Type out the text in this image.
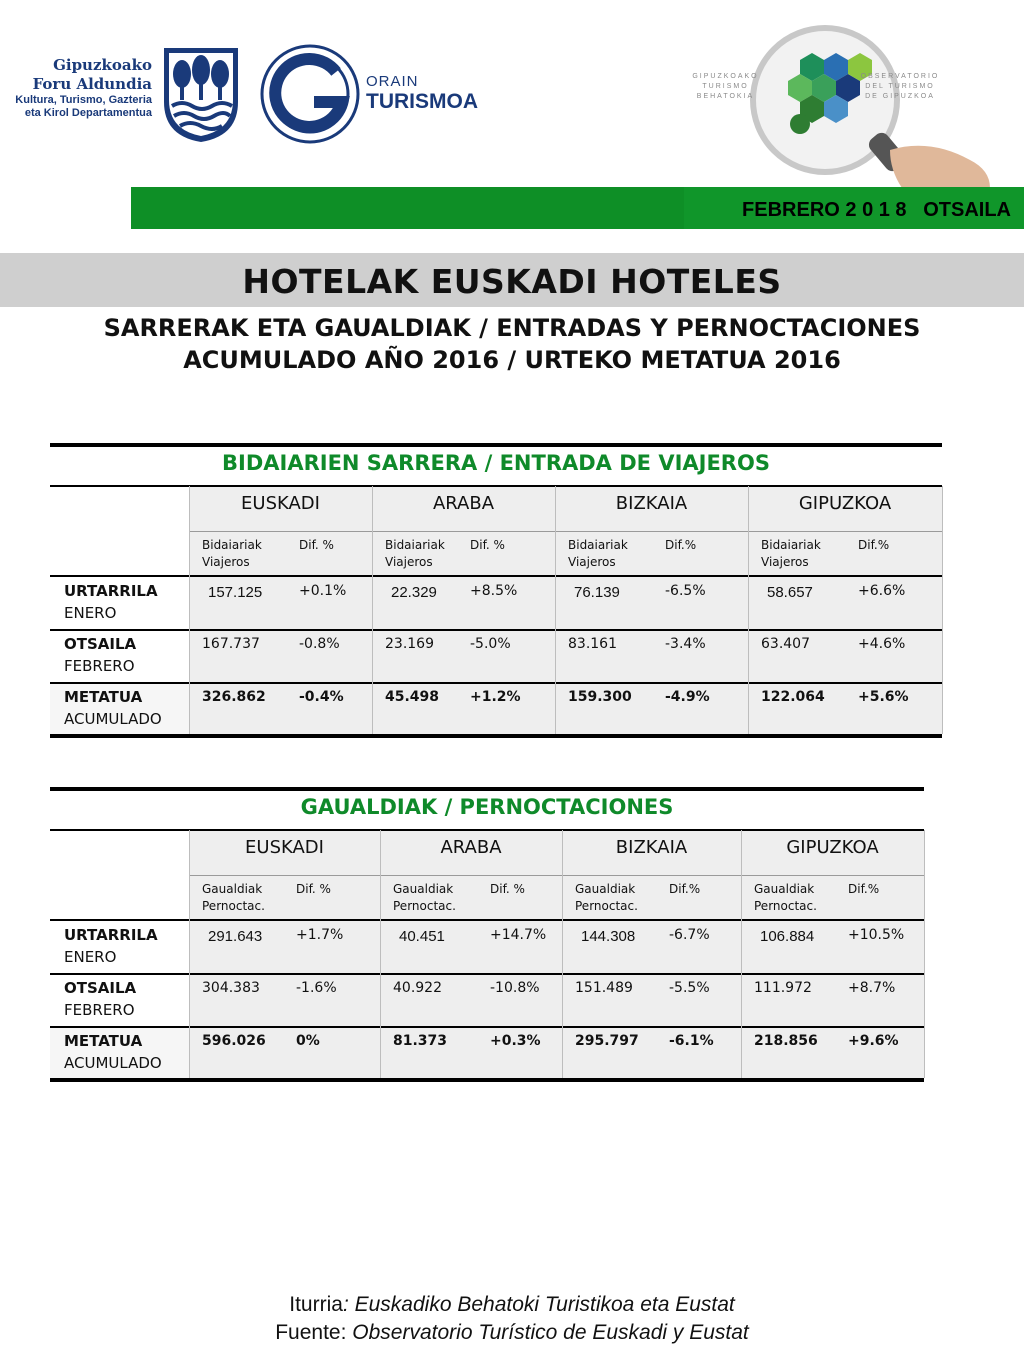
Gipuzkoako
Foru Aldundia
Kultura, Turismo, Gazteria
eta Kirol Departamentua
ORAIN
TURISMOA
GIPUZKOAKO
TURISMO
BEHATOKIA
OBSERVATORIO
DEL TURISMO
DE GIPUZKOA
FEBRERO 2 0 1 8   OTSAILA
HOTELAK EUSKADI HOTELES
SARRERAK ETA GAUALDIAK / ENTRADAS Y PERNOCTACIONES
ACUMULADO AÑO 2016 / URTEKO METATUA 2016
BIDAIARIEN SARRERA / ENTRADA DE VIAJEROS
EUSKADI
Bidaiariak
Viajeros
Dif. %
ARABA
Bidaiariak
Viajeros
Dif. %
BIZKAIA
Bidaiariak
Viajeros
Dif.%
GIPUZKOA
Bidaiariak
Viajeros
Dif.%
URTARRILA
ENERO
157.125	+0.1%	22.329 +8.5%	76.139	-6.5%	58.657	+6.6%
OTSAILA
FEBRERO
167.737	-0.8%	23.169	-5.0%	83.161	-3.4%	63.407	+4.6%
METATUA
ACUMULADO
326.862 -0.4%	45.498 +1.2%	159.300 -4.9%	122.064 +5.6%
GAUALDIAK / PERNOCTACIONES
EUSKADI
Gaualdiak
Pernoctac.
Dif. %
ARABA
Gaualdiak
Pernoctac.
Dif. %
BIZKAIA
Gaualdiak
Pernoctac.
Dif.%
GIPUZKOA
Gaualdiak
Pernoctac.
Dif.%
URTARRILA
ENERO
291.643 +1.7%	40.451	+14.7% 144.308 -6.7%	106.884 +10.5%
OTSAILA
FEBRERO
304.383	-1.6%	40.922	-10.8%	151.489	-5.5%	111.972	+8.7%
METATUA
ACUMULADO
596.026 0%	81.373	+0.3% 295.797 -6.1%	218.856 +9.6%
Iturria: Euskadiko Behatoki Turistikoa eta Eustat
Fuente: Observatorio Turístico de Euskadi y Eustat
